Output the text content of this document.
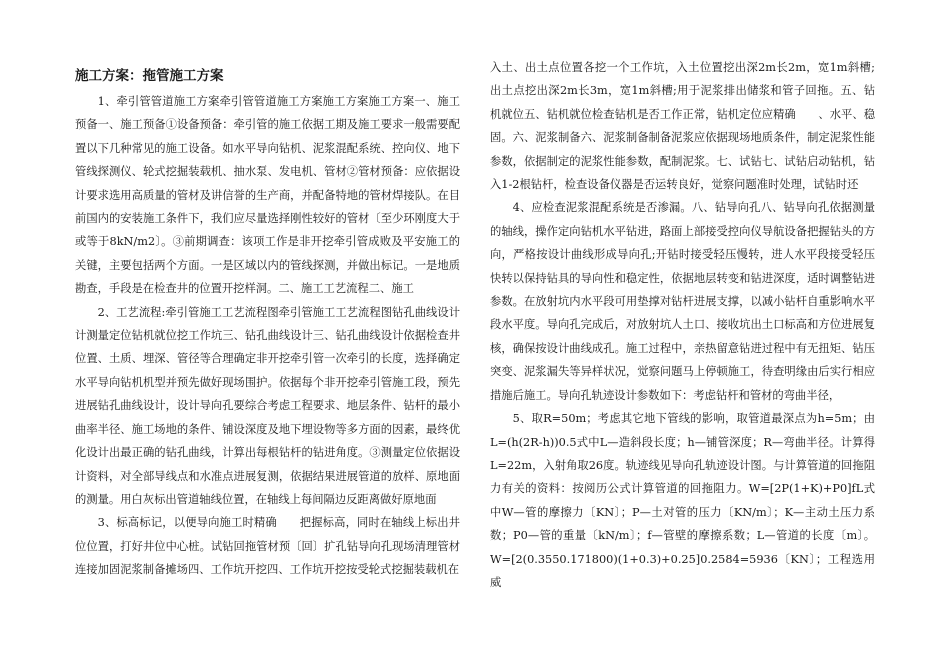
施工方案：拖管施工方案

1、牵引管管道施工方案牵引管管道施工方案施工方案施工方案一、施工预备一、施工预备①设备预备：牵引管的施工依据工期及施工要求一般需要配置以下几种常见的施工设备。如水平导向钻机、泥浆混配系统、控向仪、地下管线探测仪、轮式挖掘装载机、抽水泵、发电机、管材②管材预备：应依据设计要求选用高质量的管材及讲信誉的生产商，并配备特地的管材焊接队。在目前国内的安装施工条件下，我们应尽量选择刚性较好的管材〔至少环刚度大于或等于8kN/m2〕。③前期调查：该项工作是非开挖牵引管成败及平安施工的关键，主要包括两个方面。一是区域以内的管线探测，并做出标记。一是地质勘查，手段是在检查井的位置开挖样洞。二、施工工艺流程二、施工

2、工艺流程:牵引管施工工艺流程图牵引管施工工艺流程图钻孔曲线设计计测量定位钻机就位挖工作坑三、钻孔曲线设计三、钻孔曲线设计依据检查井位置、土质、埋深、管径等合理确定非开挖牵引管一次牵引的长度，选择确定水平导向钻机机型并预先做好现场围护。依据每个非开挖牵引管施工段，预先进展钻孔曲线设计，设计导向孔要综合考虑工程要求、地层条件、钻杆的最小曲率半径、施工场地的条件、铺设深度及地下埋设物等多方面的因素，最终优化设计出最正确的钻孔曲线，计算出每根钻杆的钻进角度。③测量定位依据设计资料，对全部导线点和水准点进展复测，依据结果进展管道的放样、原地面的测量。用白灰标出管道轴线位置，在轴线上每间隔边反距离做好原地面

3、标高标记，以便导向施工时精确　　把握标高，同时在轴线上标出井位位置，打好井位中心桩。试钻回拖管材预〔回〕扩孔钻导向孔现场清理管材连接加固泥浆制备摊场四、工作坑开挖四、工作坑开挖按受轮式挖掘装载机在

入土、出土点位置各挖一个工作坑，入土位置挖出深2m长2m，宽1m斜槽;出土点挖出深2m长3m，宽1m斜槽;用于泥浆排出储浆和管子回拖。五、钻机就位五、钻机就位检查钻机是否工作正常，钻机定位应精确　　、水平、稳固。六、泥浆制备六、泥浆制备制备泥浆应依据现场地质条件，制定泥浆性能参数，依据制定的泥浆性能参数，配制泥浆。七、试钻七、试钻启动钻机，钻入1-2根钻杆，检查设备仪器是否运转良好，觉察问题准时处理，试钻时还

4、应检查泥浆混配系统是否渗漏。八、钻导向孔八、钻导向孔依据测量的轴线，操作定向钻机水平钻进，路面上部接受控向仪导航设备把握钻头的方向，严格按设计曲线形成导向孔;开钻时接受轻压慢转，进人水平段接受轻压快转以保持钻具的导向性和稳定性，依据地层转变和钻进深度，适时调整钻进参数。在放射坑内水平段可用垫撑对钻杆进展支撑，以减小钻杆自重影响水平段水平度。导向孔完成后，对放射坑人土口、接收坑出土口标高和方位进展复核，确保按设计曲线成孔。施工过程中，亲热留意钻进过程中有无扭矩、钻压突变、泥浆漏失等异样状况，觉察问题马上停顿施工，待查明缘由后实行相应措施后施工。导向孔轨迹设计参数如下：考虑钻杆和管材的弯曲半径，

5、取R=50m；考虑其它地下管线的影响，取管道最深点为h=5m；由L=(h(2R-h))0.5式中L—造斜段长度；h—铺管深度；R—弯曲半径。计算得L=22m，入射角取26度。轨迹线见导向孔轨迹设计图。与计算管道的回拖阻力有关的资料：按阅历公式计算管道的回拖阻力。W=[2P(1+K)+P0]fL式中W—管的摩擦力〔KN〕；P—土对管的压力〔KN/m〕；K—主动土压力系数；P0—管的重量〔kN/m〕；f—管壁的摩擦系数；L—管道的长度〔m〕。W=[2(0.3550.171800)(1+0.3)+0.25]0.2584=5936〔KN〕；工程选用威
